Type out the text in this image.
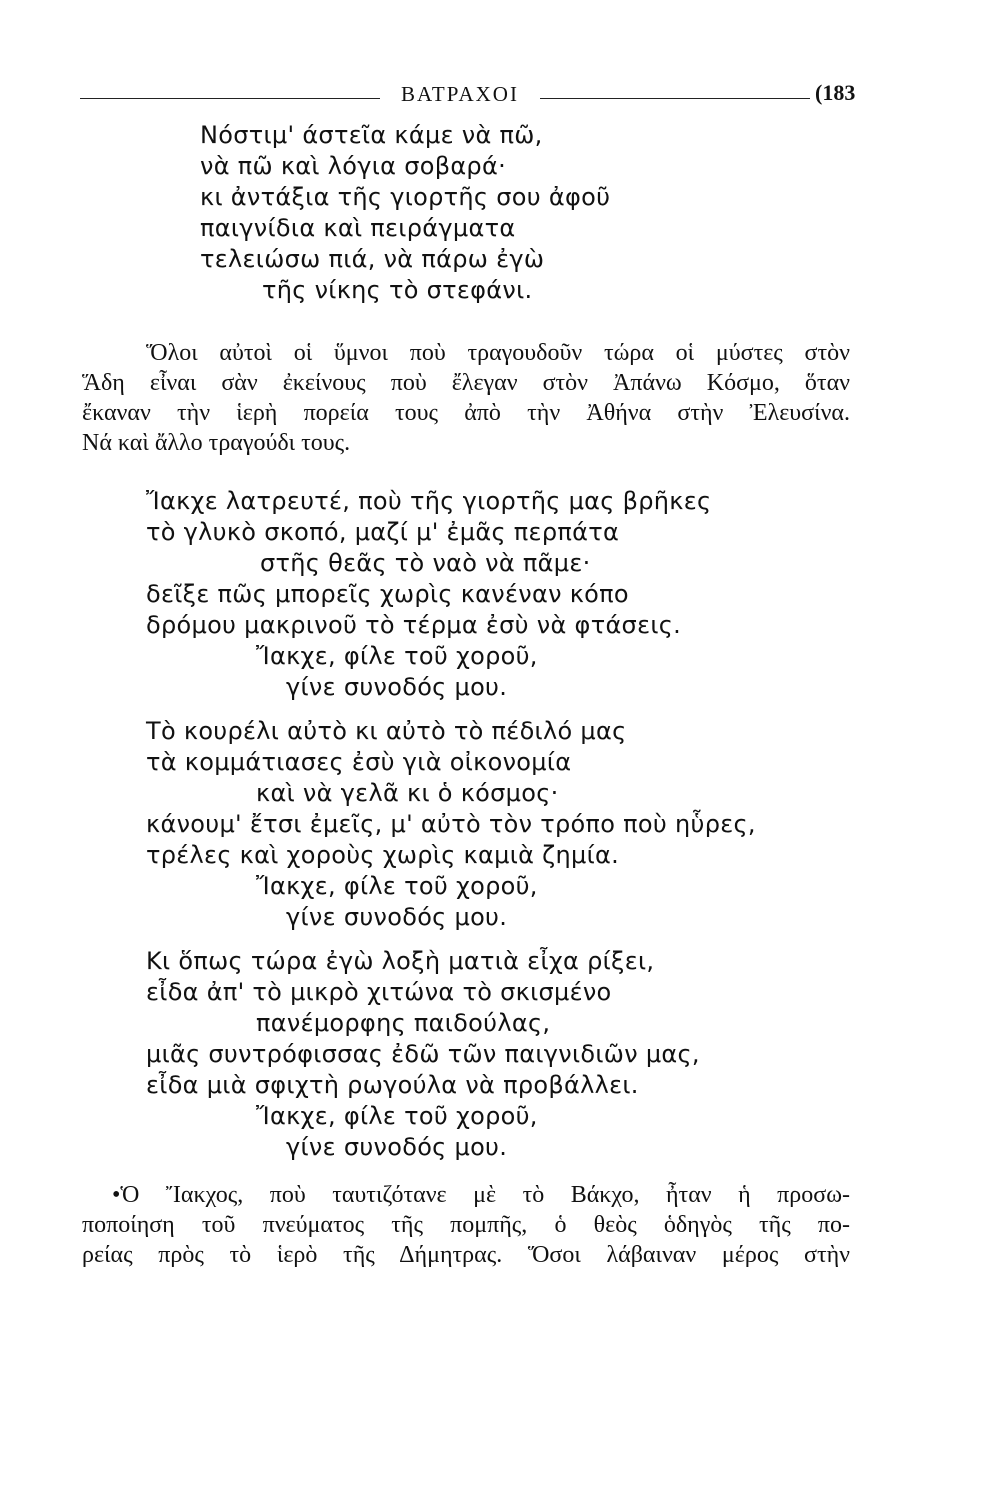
ΒΑΤΡΑΧΟΙ	(183
Νόστιμ' άστεῖα κάμε νὰ πῶ,
νὰ πῶ καὶ λόγια σοβαρά·
κι ἀντάξια τῆς γιορτῆς σου ἀφοῦ
παιγνίδια καὶ πειράγματα
τελειώσω πιά, νὰ πάρω ἐγὼ
τῆς νίκης τὸ στεφάνι.
Ὅλοι αὐτοὶ οἱ ὕμνοι ποὺ τραγουδοῦν τώρα οἱ μύστες στὸν
Ἅδη εἶναι σὰν ἐκείνους ποὺ ἔλεγαν στὸν Ἀπάνω Κόσμο, ὅταν
ἔκαναν τὴν ἱερὴ πορεία τους ἀπὸ τὴν Ἀθήνα στὴν Ἐλευσίνα.
Νά καὶ ἄλλο τραγούδι τους.
Ἴακχε λατρευτέ, ποὺ τῆς γιορτῆς μας βρῆκες
τὸ γλυκὸ σκοπό, μαζί μ' ἐμᾶς περπάτα
στῆς θεᾶς τὸ ναὸ νὰ πᾶμε·
δεῖξε πῶς μπορεῖς χωρὶς κανέναν κόπο
δρόμου μακρινοῦ τὸ τέρμα ἐσὺ νὰ φτάσεις.
Ἴακχε, φίλε τοῦ χοροῦ,
γίνε συνοδός μου.
Τὸ κουρέλι αὐτὸ κι αὐτὸ τὸ πέδιλό μας
τὰ κομμάτιασες ἐσὺ γιὰ οἰκονομία
καὶ νὰ γελᾶ κι ὁ κόσμος·
κάνουμ' ἔτσι ἐμεῖς, μ' αὐτὸ τὸν τρόπο ποὺ ηὗρες,
τρέλες καὶ χοροὺς χωρὶς καμιὰ ζημία.
Ἴακχε, φίλε τοῦ χοροῦ,
γίνε συνοδός μου.
Κι ὅπως τώρα ἐγὼ λοξὴ ματιὰ εἶχα ρίξει,
εἶδα ἀπ' τὸ μικρὸ χιτώνα τὸ σκισμένο
πανέμορφης παιδούλας,
μιᾶς συντρόφισσας ἐδῶ τῶν παιγνιδιῶν μας,
εἶδα μιὰ σφιχτὴ ρωγούλα νὰ προβάλλει.
Ἴακχε, φίλε τοῦ χοροῦ,
γίνε συνοδός μου.
•Ὁ Ἴακχος, ποὺ ταυτιζότανε μὲ τὸ Βάκχο, ἦταν ἡ προσω-
ποποίηση τοῦ πνεύματος τῆς πομπῆς, ὁ θεὸς ὁδηγὸς τῆς πο-
ρείας πρὸς τὸ ἱερὸ τῆς Δήμητρας. Ὅσοι λάβαιναν μέρος στὴν
